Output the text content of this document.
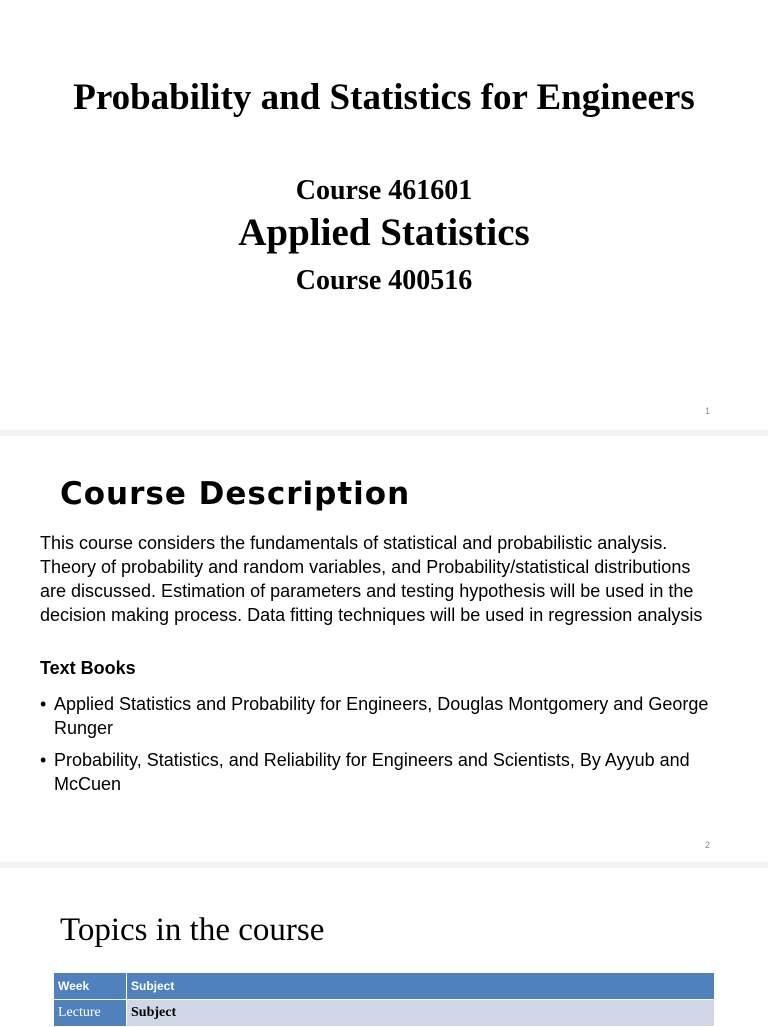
Probability and Statistics for Engineers
Course 461601
Applied Statistics
Course 400516
1
Course Description
This course considers the fundamentals of statistical and probabilistic analysis. Theory of probability and random variables, and Probability/statistical distributions are discussed. Estimation of parameters and testing hypothesis will be used in the decision making process. Data fitting techniques will be used in regression analysis
Text Books
• Applied Statistics and Probability for Engineers, Douglas Montgomery and George Runger
• Probability, Statistics, and Reliability for Engineers and Scientists, By Ayyub and McCuen
2
Topics in the course
Week	Subject
Lecture	Subject
